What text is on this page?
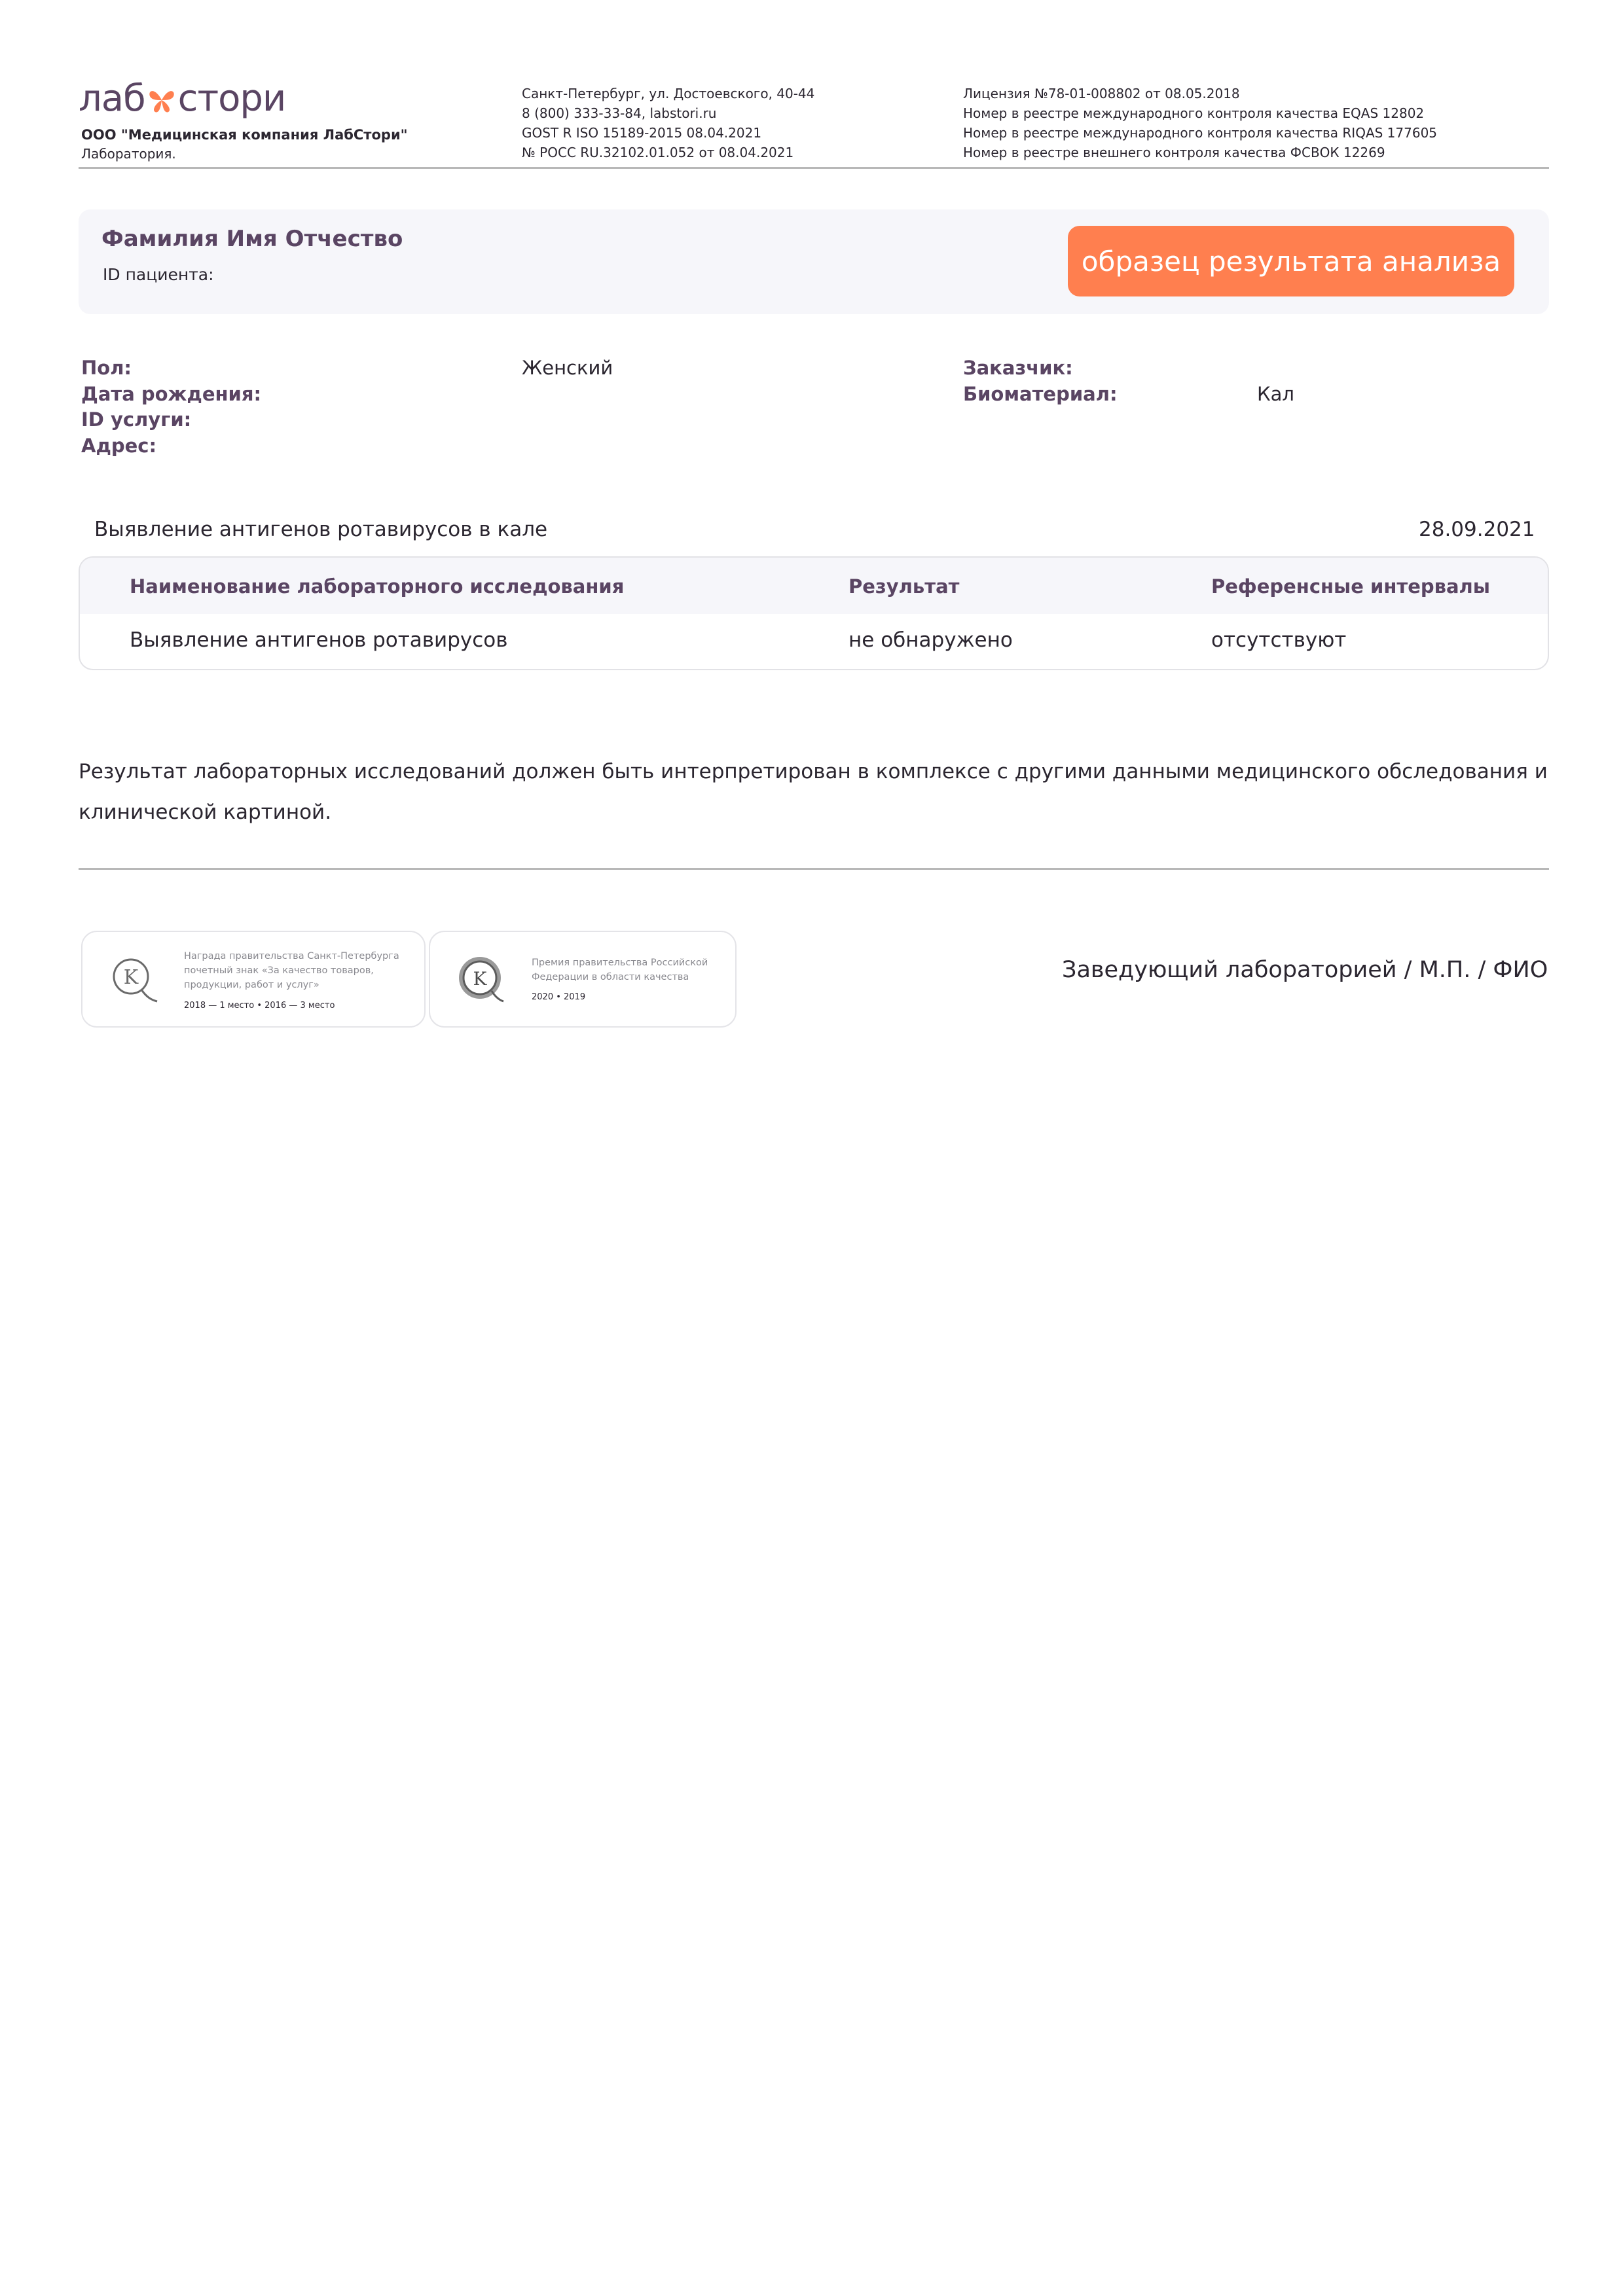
лаб стори
ООО "Медицинская компания ЛабСтори"
Лаборатория.
Санкт-Петербург, ул. Достоевского, 40-44
8 (800) 333-33-84, labstori.ru
GOST R ISO 15189-2015 08.04.2021
№ РОСС RU.32102.01.052 от 08.04.2021
Лицензия №78-01-008802 от 08.05.2018
Номер в реестре международного контроля качества EQAS 12802
Номер в реестре международного контроля качества RIQAS 177605
Номер в реестре внешнего контроля качества ФСВОК 12269
Фамилия Имя Отчество
ID пациента:	образец результата анализа
Пол:	Женский
Дата рождения:
ID услуги:
Адрес:
Заказчик:
Биоматериал:	Кал
Выявление антигенов ротавирусов в кале	28.09.2021
Наименование лабораторного исследования	Результат	Референсные интервалы
Выявление антигенов ротавирусов	не обнаружено	отсутствуют
Результат лабораторных исследований должен быть интерпретирован в комплексе с другими данными медицинского обследования и клинической картиной.
K
Награда правительства Санкт-Петербурга
почетный знак «За качество товаров,
продукции, работ и услуг»
2018 — 1 место • 2016 — 3 место
K
Премия правительства Российской
Федерации в области качества
2020 • 2019
Заведующий лабораторией / М.П. / ФИО
